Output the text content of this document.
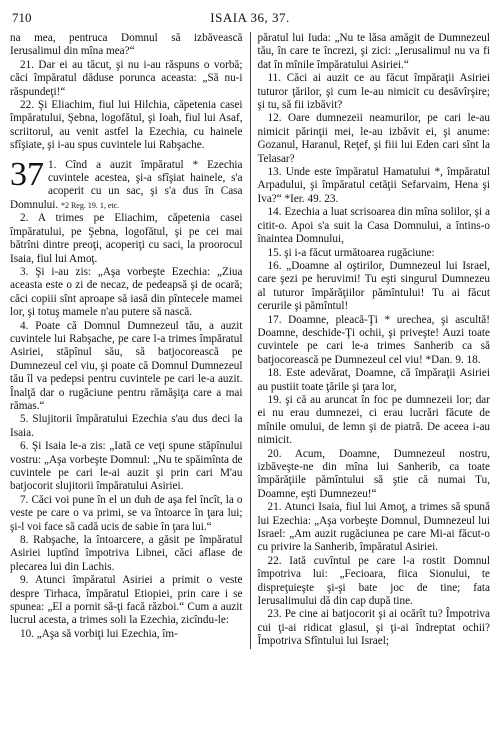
710	ISAIA 36, 37.

na mea, pentruca Domnul să izbăvească Ierusalimul din mîna mea?“

21. Dar ei au tăcut, şi nu i-au răspuns o vorbă; căci împăratul dăduse porunca aceasta: „Să nu-i răspundeţi!“

22. Şi Eliachim, fiul lui Hilchia, căpetenia casei împăratului, Şebna, logofătul, şi Ioah, fiul lui Asaf, scriitorul, au venit astfel la Ezechia, cu hainele sfîşiate, şi i-au spus cuvintele lui Rabşache.

37 1. Cînd a auzit împăratul * Ezechia cuvintele acestea, şi-a sfîşiat hainele, s'a acoperit cu un sac, şi s'a dus în Casa Domnului. *2 Reg. 19. 1, etc.

2. A trimes pe Eliachim, căpetenia casei împăratului, pe Şebna, logofătul, şi pe cei mai bătrîni dintre preoţi, acoperiţi cu saci, la proorocul Isaia, fiul lui Amoţ.

3. Şi i-au zis: „Aşa vorbeşte Ezechia: „Ziua aceasta este o zi de necaz, de pedeapsă şi de ocară; căci copiii sînt aproape să iasă din pîntecele mamei lor, şi totuş mamele n'au putere să nască.

4. Poate că Domnul Dumnezeul tău, a auzit cuvintele lui Rabşache, pe care l-a trimes împăratul Asiriei, stăpînul său, să batjocorească pe Dumnezeul cel viu, şi poate că Domnul Dumnezeul tău îl va pedepsi pentru cuvintele pe cari le-a auzit. Înalţă dar o rugăciune pentru rămăşiţa care a mai rămas.“

5. Slujitorii împăratului Ezechia s'au dus deci la Isaia.

6. Şi Isaia le-a zis: „Iată ce veţi spune stăpînului vostru: „Aşa vorbeşte Domnul: „Nu te spăimînta de cuvintele pe cari le-ai auzit şi prin cari M'au batjocorit slujitorii împăratului Asiriei.

7. Căci voi pune în el un duh de aşa fel încît, la o veste pe care o va primi, se va întoarce în ţara lui; şi-l voi face să cadă ucis de sabie în ţara lui.“

8. Rabşache, la întoarcere, a găsit pe împăratul Asiriei luptînd împotriva Libnei, căci aflase de plecarea lui din Lachis.

9. Atunci împăratul Asiriei a primit o veste despre Tirhaca, împăratul Etiopiei, prin care i se spunea: „El a pornit să-ţi facă război.“ Cum a auzit lucrul acesta, a trimes soli la Ezechia, zicîndu-le:

10. „Aşa să vorbiţi lui Ezechia, îm-

păratul lui Iuda: „Nu te lăsa amăgit de Dumnezeul tău, în care te încrezi, şi zici: „Ierusalimul nu va fi dat în mînile împăratului Asiriei.“

11. Căci ai auzit ce au făcut împăraţii Asiriei tuturor ţărilor, şi cum le-au nimicit cu desăvîrşire; şi tu, să fii izbăvit?

12. Oare dumnezeii neamurilor, pe cari le-au nimicit părinţii mei, le-au izbăvit ei, şi anume: Gozanul, Haranul, Reţef, şi fiii lui Eden cari sînt la Telasar?

13. Unde este împăratul Hamatului *, împăratul Arpadului, şi împăratul cetăţii Sefarvaim, Hena şi Iva?“ *Ier. 49. 23.

14. Ezechia a luat scrisoarea din mîna solilor, şi a citit-o. Apoi s'a suit la Casa Domnului, a întins-o înaintea Domnului,

15. şi i-a făcut următoarea rugăciune:

16. „Doamne al oştirilor, Dumnezeul lui Israel, care şezi pe heruvimi! Tu eşti singurul Dumnezeu al tuturor împărăţiilor pămîntului! Tu ai făcut cerurile şi pămîntul!

17. Doamne, pleacă-Ţi * urechea, şi ascultă! Doamne, deschide-Ţi ochii, şi priveşte! Auzi toate cuvintele pe cari le-a trimes Sanherib ca să batjocorească pe Dumnezeul cel viu! *Dan. 9. 18.

18. Este adevărat, Doamne, că împăraţii Asiriei au pustiit toate ţările şi ţara lor,

19. şi că au aruncat în foc pe dumnezeii lor; dar ei nu erau dumnezei, ci erau lucrări făcute de mînile omului, de lemn şi de piatră. De aceea i-au nimicit.

20. Acum, Doamne, Dumnezeul nostru, izbăveşte-ne din mîna lui Sanherib, ca toate împărăţiile pămîntului să ştie că numai Tu, Doamne, eşti Dumnezeu!“

21. Atunci Isaia, fiul lui Amoţ, a trimes să spună lui Ezechia: „Aşa vorbeşte Domnul, Dumnezeul lui Israel: „Am auzit rugăciunea pe care Mi-ai făcut-o cu privire la Sanherib, împăratul Asiriei.

22. Iată cuvîntul pe care l-a rostit Domnul împotriva lui: „Fecioara, fiica Sionului, te dispreţuieşte şi-şi bate joc de tine; fata Ierusalimului dă din cap după tine.

23. Pe cine ai batjocorit şi ai ocărît tu? Împotriva cui ţi-ai ridicat glasul, şi ţi-ai îndreptat ochii? Împotriva Sfîntului lui Israel;
